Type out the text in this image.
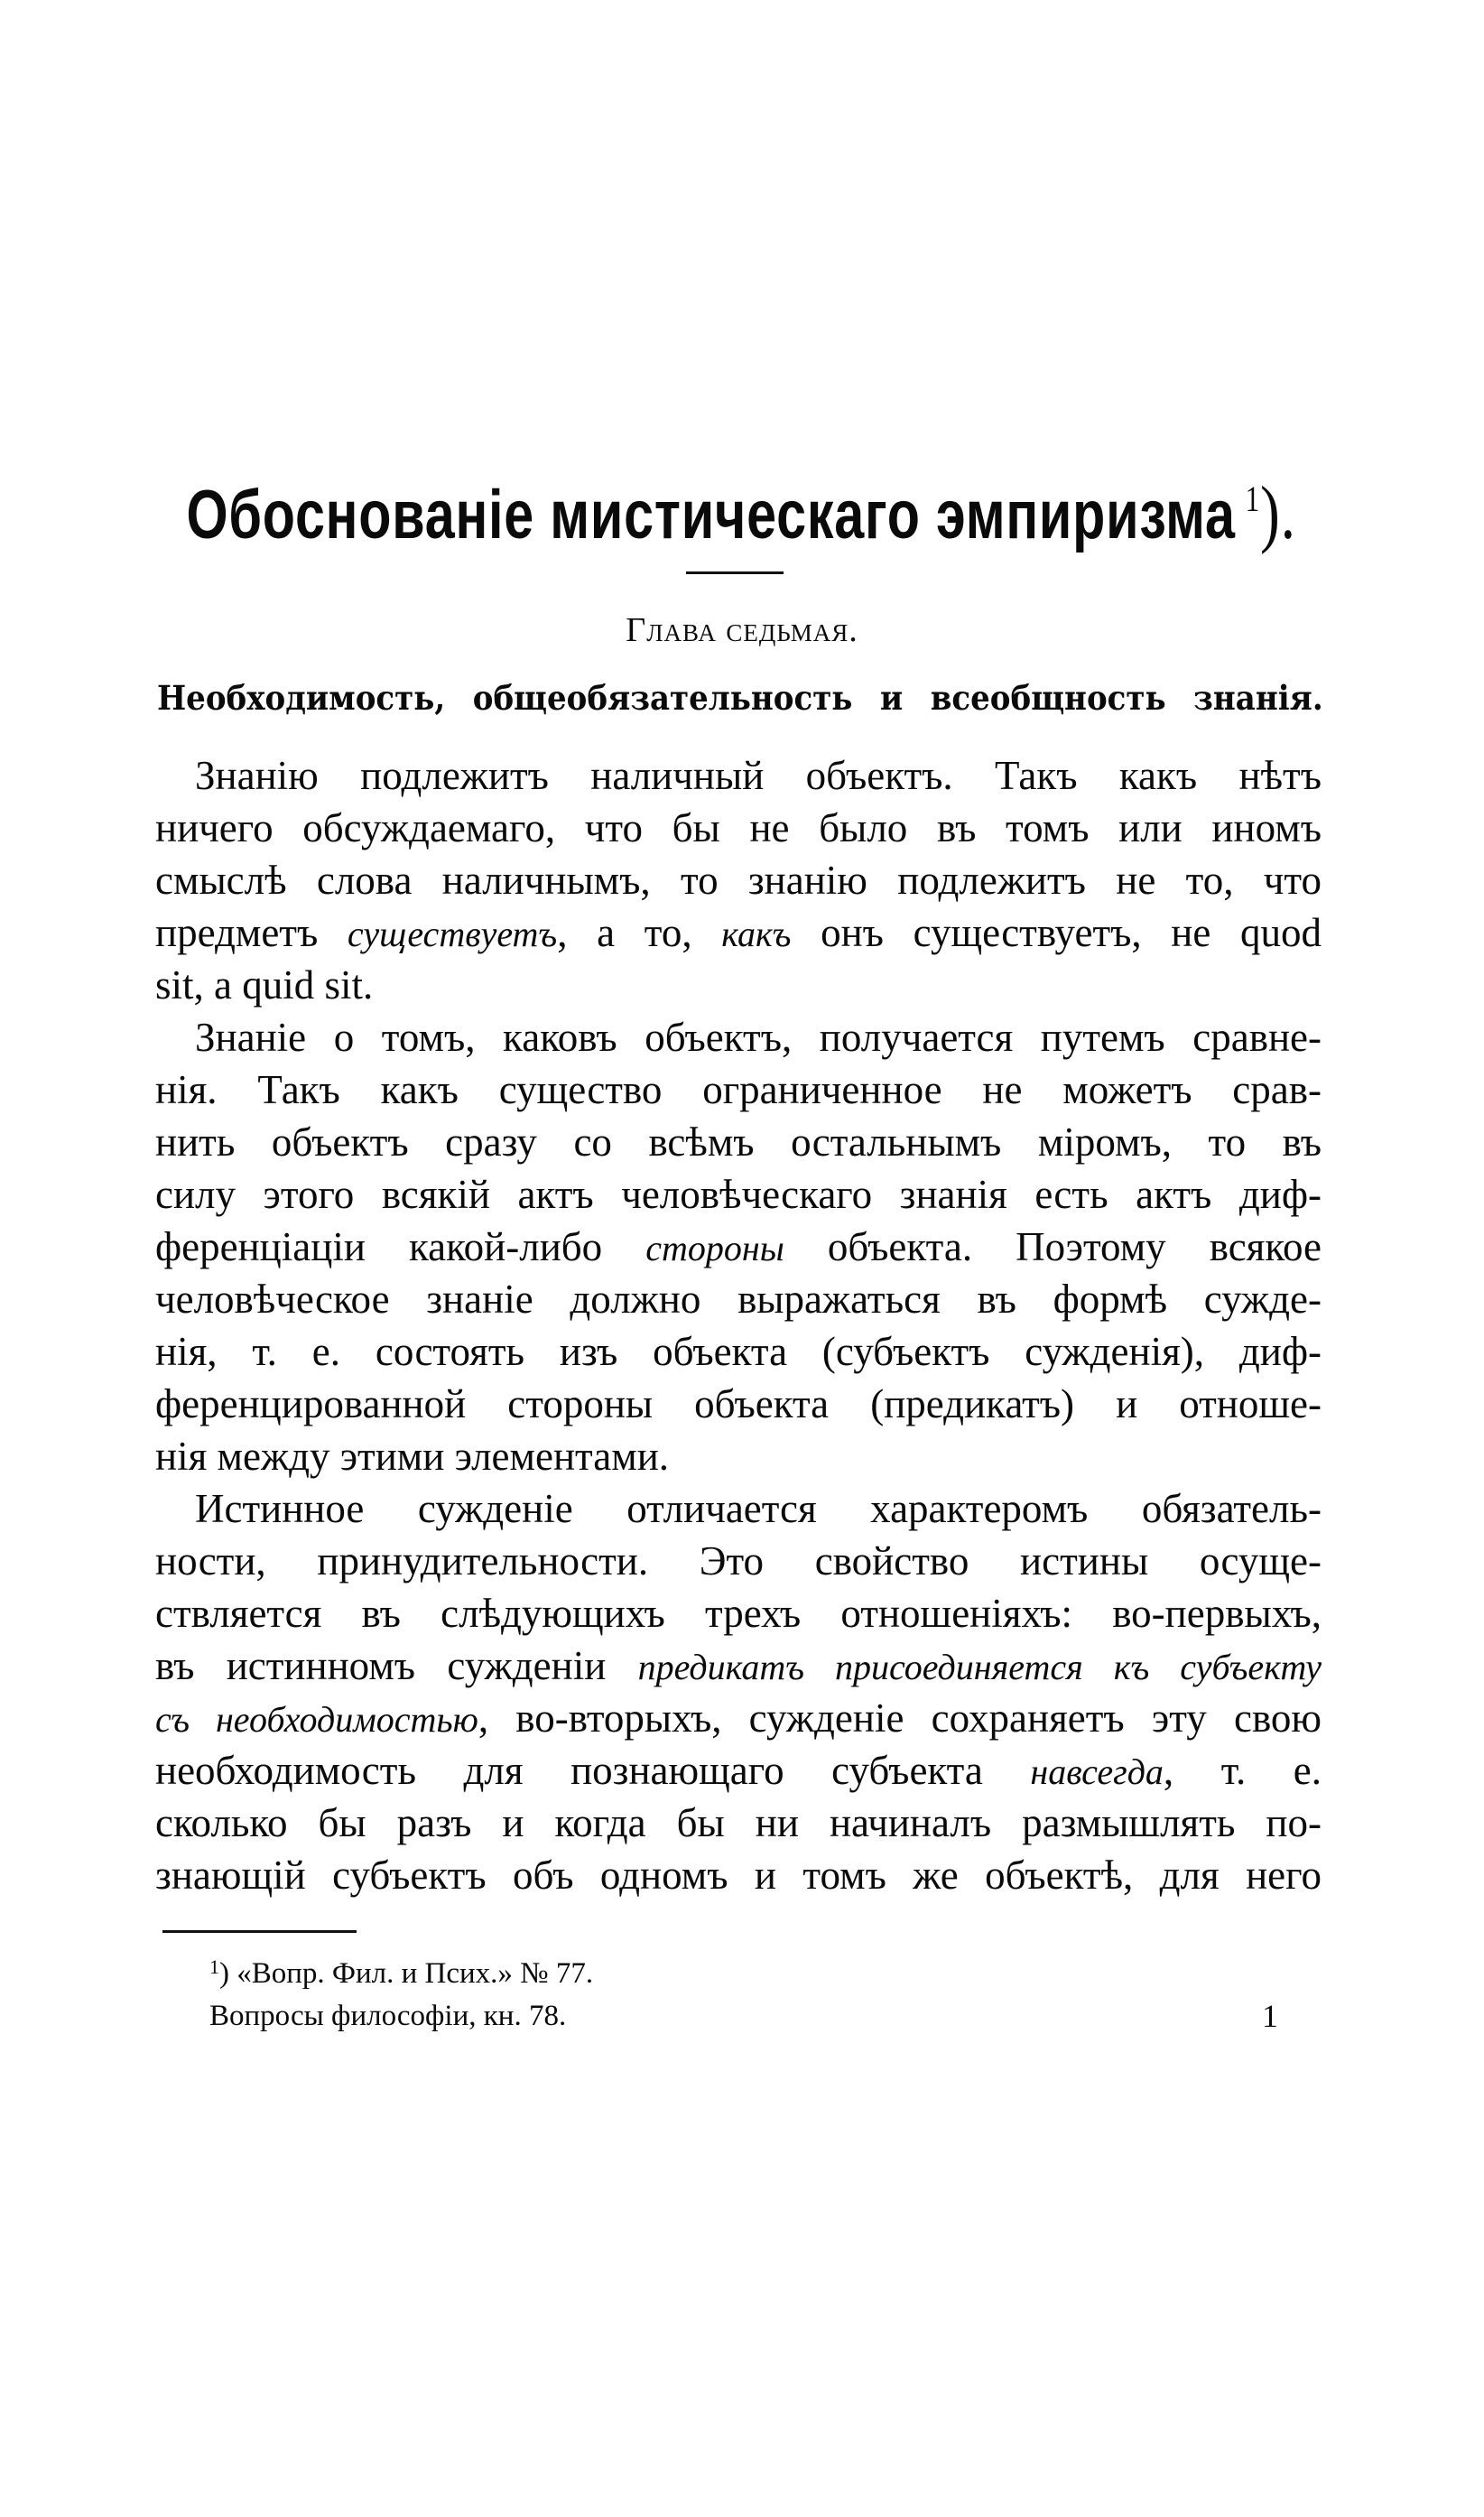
Обоснованіе мистическаго эмпиризма $^1$).
Глава седьмая.
Необходимость, общеобязательность и всеобщность знанія.
Знанію подлежитъ наличный объектъ. Такъ какъ нѣтъ
ничего обсуждаемаго, что бы не было въ томъ или иномъ
смыслѣ слова наличнымъ, то знанію подлежитъ не то, что
предметъ существуетъ, а то, какъ онъ существуетъ, не quod
sit, a quid sit.
Знаніе о томъ, каковъ объектъ, получается путемъ сравне-
нія. Такъ какъ существо ограниченное не можетъ срав-
нить объектъ сразу со всѣмъ остальнымъ міромъ, то въ
силу этого всякій актъ человѣческаго знанія есть актъ диф-
ференціаціи какой-либо стороны объекта. Поэтому всякое
человѣческое знаніе должно выражаться въ формѣ сужде-
нія, т. е. состоять изъ объекта (субъектъ сужденія), диф-
ференцированной стороны объекта (предикатъ) и отноше-
нія между этими элементами.
Истинное сужденіе отличается характеромъ обязатель-
ности, принудительности. Это свойство истины осуще-
ствляется въ слѣдующихъ трехъ отношеніяхъ: во-первыхъ,
въ истинномъ сужденіи предикатъ присоединяется къ субъекту
съ необходимостью, во-вторыхъ, сужденіе сохраняетъ эту свою
необходимость для познающаго субъекта навсегда, т. е.
сколько бы разъ и когда бы ни начиналъ размышлять по-
знающій субъектъ объ одномъ и томъ же объектѣ, для него
$^1$) «Вопр. Фил. и Псих.» № 77.
Вопросы философіи, кн. 78.	1
